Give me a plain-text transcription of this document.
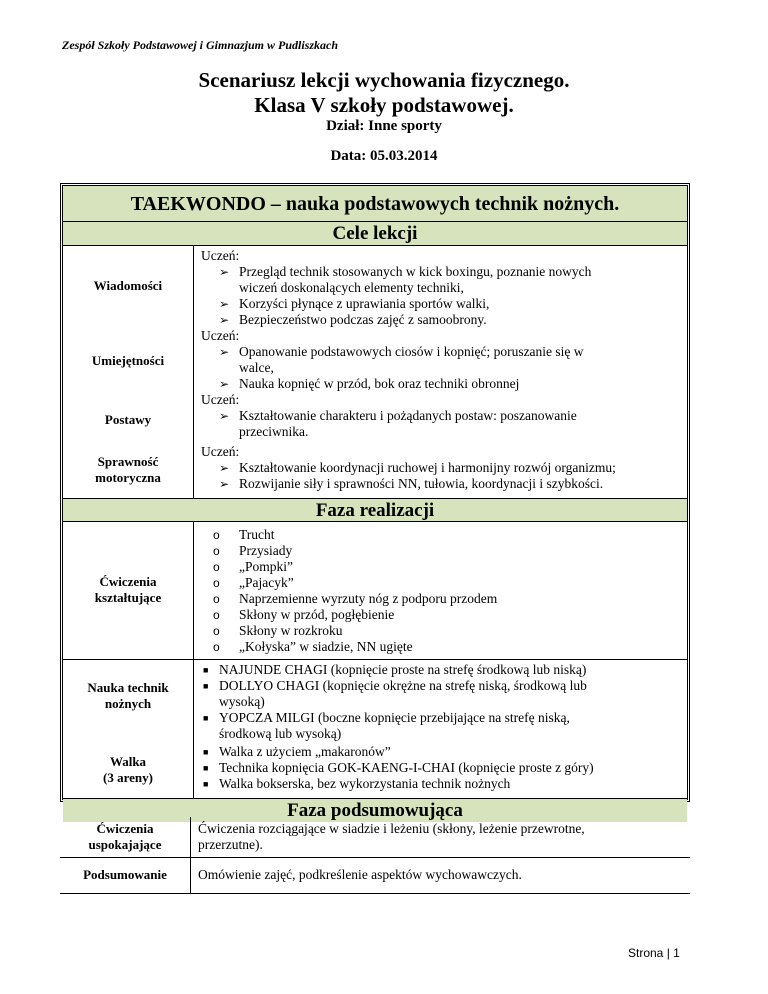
Zespół Szkoły Podstawowej i Gimnazjum w Pudliszkach
Scenariusz lekcji wychowania fizycznego.
Klasa V szkoły podstawowej.
Dział: Inne sporty
Data: 05.03.2014
TAEKWONDO – nauka podstawowych technik nożnych.
Cele lekcji
Wiadomości
Uczeń:
➢ Przegląd technik stosowanych w kick boxingu, poznanie nowych
wiczeń doskonalących elementy techniki,
➢ Korzyści płynące z uprawiania sportów walki,
➢ Bezpieczeństwo podczas zajęć z samoobrony.
Umiejętności
Uczeń:
➢ Opanowanie podstawowych ciosów i kopnięć; poruszanie się w
walce,
➢ Nauka kopnięć w przód, bok oraz techniki obronnej
Postawy
Uczeń:
➢ Kształtowanie charakteru i pożądanych postaw: poszanowanie
przeciwnika.
Sprawność
motoryczna
Uczeń:
➢ Kształtowanie koordynacji ruchowej i harmonijny rozwój organizmu;
➢ Rozwijanie siły i sprawności NN, tułowia, koordynacji i szybkości.
Faza realizacji
Ćwiczenia
kształtujące
o Trucht
o Przysiady
o „Pompki”
o „Pajacyk”
o Naprzemienne wyrzuty nóg z podporu przodem
o Skłony w przód, pogłębienie
o Skłony w rozkroku
o „Kołyska” w siadzie, NN ugięte
Nauka technik
nożnych
■ NAJUNDE CHAGI (kopnięcie proste na strefę środkową lub niską)
■ DOLLYO CHAGI (kopnięcie okrężne na strefę niską, środkową lub
wysoką)
■ YOPCZA MILGI (boczne kopnięcie przebijające na strefę niską,
środkową lub wysoką)
Walka
(3 areny)
■ Walka z użyciem „makaronów”
■ Technika kopnięcia GOK-KAENG-I-CHAI (kopnięcie proste z góry)
■ Walka bokserska, bez wykorzystania technik nożnych
Faza podsumowująca
Ćwiczenia
uspokajające
Ćwiczenia rozciągające w siadzie i leżeniu (skłony, leżenie przewrotne,
przerzutne).
Podsumowanie	Omówienie zajęć, podkreślenie aspektów wychowawczych.
Strona | 1
